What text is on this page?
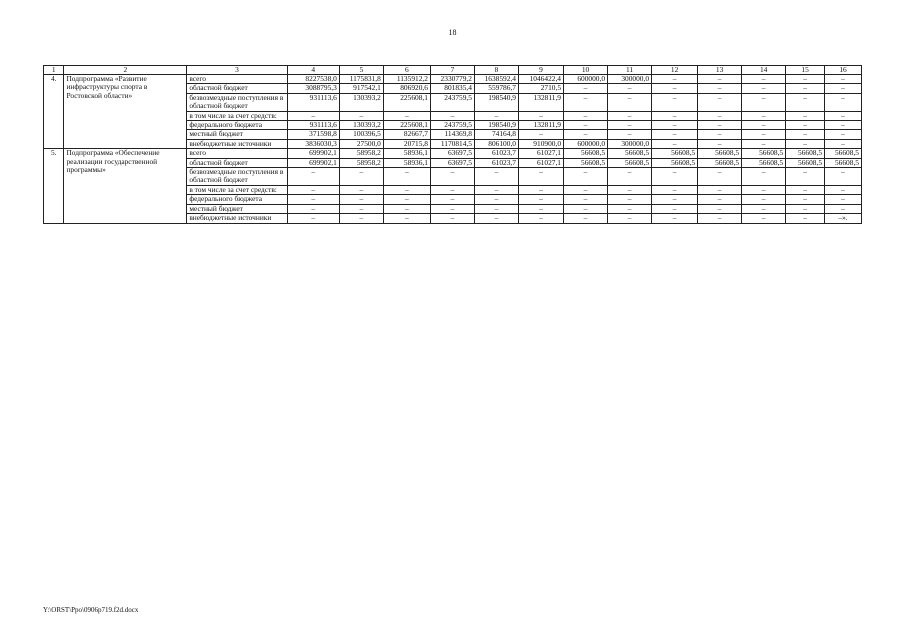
18
1	2	3	4	5	6	7	8	9	10	11	12	13	14	15	16
4.	Подпрограмма «Развитие инфраструктуры спорта в Ростовской области»	всего	8227538,0	1175831,8	1135912,2	2330779,2	1638592,4	1046422,4	600000,0	300000,0	–	–	–	–	–
		областной бюджет	3088795,3	917542,1	806920,6	801835,4	559786,7	2710,5	–	–	–	–	–	–	–
		безвозмездные поступления в областной бюджет	931113,6	130393,2	225608,1	243759,5	198540,9	132811,9	–	–	–	–	–	–	–
		в том числе за счет средств:	–	–	–	–	–	–	–	–	–	–	–	–	–
		федерального бюджета	931113,6	130393,2	225608,1	243759,5	198540,9	132811,9	–	–	–	–	–	–	–
		местный бюджет	371598,8	100396,5	82667,7	114369,8	74164,8	–	–	–	–	–	–	–	–
		внебюджетные источники	3836030,3	27500,0	20715,8	1170814,5	806100,0	910900,0	600000,0	300000,0	–	–	–	–	–
5.	Подпрограмма «Обеспечение реализации государственной программы»	всего	699902,1	58958,2	58936,1	63697,5	61023,7	61027,1	56608,5	56608,5	56608,5	56608,5	56608,5	56608,5	56608,5
		областной бюджет	699902,1	58958,2	58936,1	63697,5	61023,7	61027,1	56608,5	56608,5	56608,5	56608,5	56608,5	56608,5	56608,5
		безвозмездные поступления в областной бюджет	–	–	–	–	–	–	–	–	–	–	–	–	–
		в том числе за счет средств:	–	–	–	–	–	–	–	–	–	–	–	–	–
		федерального бюджета	–	–	–	–	–	–	–	–	–	–	–	–	–
		местный бюджет	–	–	–	–	–	–	–	–	–	–	–	–	–
		внебюджетные источники	–	–	–	–	–	–	–	–	–	–	–	–	–».
Y:\ORST\Ppo\0906p719.f2d.docx
